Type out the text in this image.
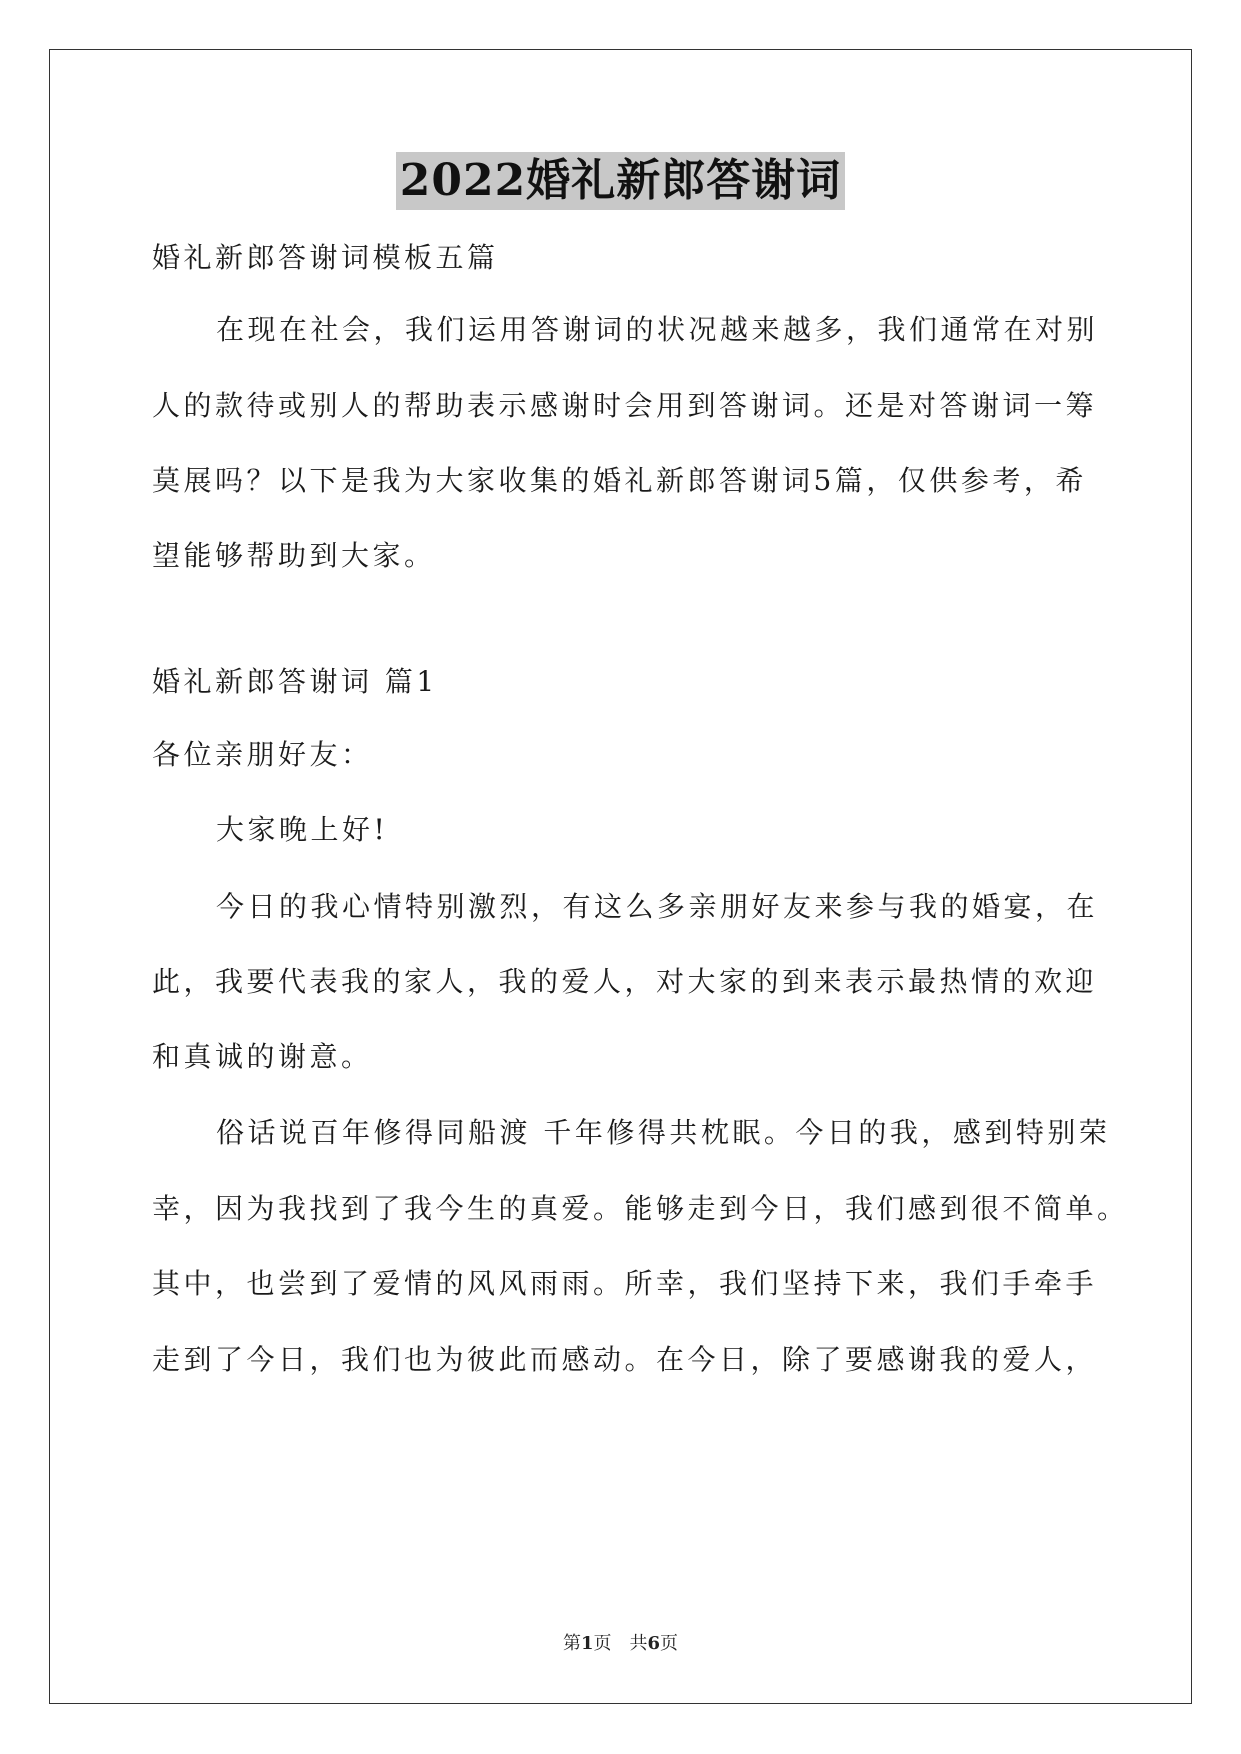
2022婚礼新郎答谢词
婚礼新郎答谢词模板五篇
在现在社会，我们运用答谢词的状况越来越多，我们通常在对别
人的款待或别人的帮助表示感谢时会用到答谢词。还是对答谢词一筹
莫展吗？以下是我为大家收集的婚礼新郎答谢词5篇，仅供参考，希
望能够帮助到大家。
婚礼新郎答谢词 篇1
各位亲朋好友：
大家晚上好!
今日的我心情特别激烈，有这么多亲朋好友来参与我的婚宴，在
此，我要代表我的家人，我的爱人，对大家的到来表示最热情的欢迎
和真诚的谢意。
俗话说百年修得同船渡 千年修得共枕眠。今日的我，感到特别荣
幸，因为我找到了我今生的真爱。能够走到今日，我们感到很不简单。
其中，也尝到了爱情的风风雨雨。所幸，我们坚持下来，我们手牵手
走到了今日，我们也为彼此而感动。在今日，除了要感谢我的爱人，
第1页 共6页
